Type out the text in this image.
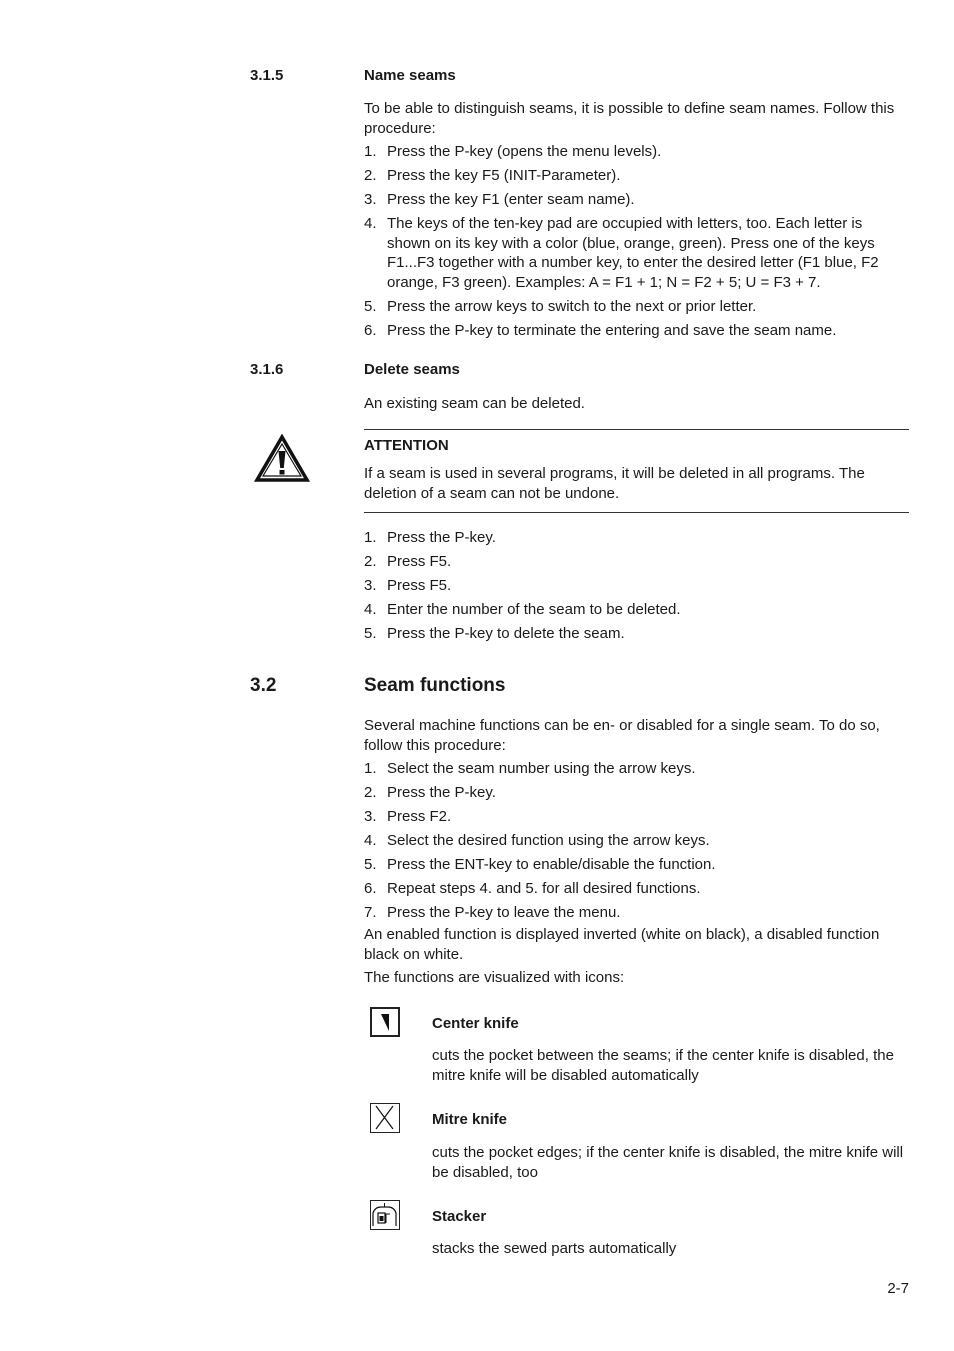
3.1.5	Name seams
To be able to distinguish seams, it is possible to define seam names. Follow this procedure:
1. Press the P-key (opens the menu levels).
2. Press the key F5 (INIT-Parameter).
3. Press the key F1 (enter seam name).
4. The keys of the ten-key pad are occupied with letters, too. Each letter is shown on its key with a color (blue, orange, green). Press one of the keys F1...F3 together with a number key, to enter the desired letter (F1 blue, F2 orange, F3 green). Examples: A = F1 + 1; N = F2 + 5; U = F3 + 7.
5. Press the arrow keys to switch to the next or prior letter.
6. Press the P-key to terminate the entering and save the seam name.
3.1.6	Delete seams
An existing seam can be deleted.
ATTENTION
If a seam is used in several programs, it will be deleted in all programs. The deletion of a seam can not be undone.
1. Press the P-key.
2. Press F5.
3. Press F5.
4. Enter the number of the seam to be deleted.
5. Press the P-key to delete the seam.
3.2	Seam functions
Several machine functions can be en- or disabled for a single seam. To do so, follow this procedure:
1. Select the seam number using the arrow keys.
2. Press the P-key.
3. Press F2.
4. Select the desired function using the arrow keys.
5. Press the ENT-key to enable/disable the function.
6. Repeat steps 4. and 5. for all desired functions.
7. Press the P-key to leave the menu.
An enabled function is displayed inverted (white on black), a disabled function black on white.
The functions are visualized with icons:
Center knife
cuts the pocket between the seams; if the center knife is disabled, the mitre knife will be disabled automatically
Mitre knife
cuts the pocket edges; if the center knife is disabled, the mitre knife will be disabled, too
Stacker
stacks the sewed parts automatically
2-7
